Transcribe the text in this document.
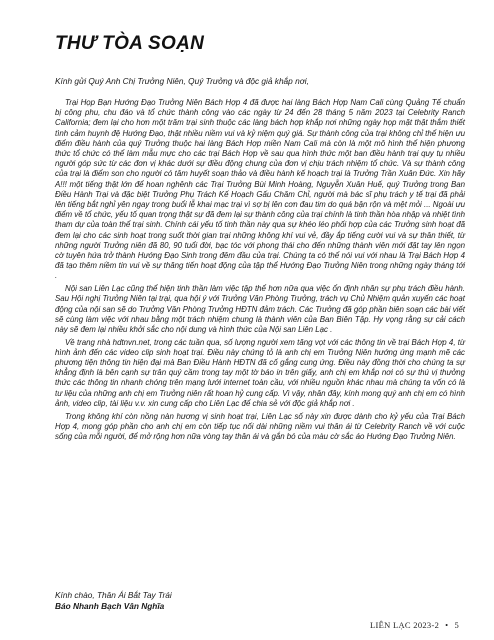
THƯ TÒA SOẠN

Kính gửi Quý Anh Chị Trưởng Niên, Quý Trưởng và độc giả khắp nơi,

Trại Họp Bạn Hướng Đạo Trưởng Niên Bách Hợp 4 đã được hai làng Bách Hợp Nam Cali cùng Quảng Tế chuẩn bị công phu, chu đáo và tổ chức thành công vào các ngày từ 24 đến 28 tháng 5 năm 2023 tại Celebrity Ranch California; đem lại cho hơn một trăm trại sinh thuộc các làng bách hợp khắp nơi những ngày họp mặt thật thắm thiết tình cảm huynh đệ Hướng Đạo, thật nhiều niềm vui và kỷ niệm quý giá. Sự thành công của trại không chỉ thể hiện ưu điểm điều hành của quý Trưởng thuộc hai làng Bách Hợp miền Nam Cali mà còn là một mô hình thể hiện phương thức tổ chức có thể làm mẫu mực cho các trại Bách Hợp về sau qua hình thức một ban điều hành trại quy tụ nhiều người góp sức từ các đơn vị khác dưới sự điều động chung của đơn vị chịu trách nhiệm tổ chức. Và sự thành công của trại là điểm son cho người có tâm huyết soạn thảo và điều hành kế hoạch trại là Trưởng Trần Xuân Đức. Xin hãy A!!! một tiếng thật lớn để hoan nghênh các Trại Trưởng Bùi Minh Hoàng, Nguyễn Xuân Huế, quý Trưởng trong Ban Điều Hành Trại và đặc biệt Trưởng Phụ Trách Kế Hoạch Gấu Chăm Chỉ, người mà bác sĩ phụ trách y tế trại đã phải lên tiếng bắt nghỉ yên ngay trong buổi lễ khai mạc trại vì sợ bị lên cơn đau tim do quá bận rộn và mệt mỏi ... Ngoài ưu điểm về tổ chức, yếu tố quan trọng thật sự đã đem lại sự thành công của trại chính là tinh thần hòa nhập và nhiệt tình tham dự của toàn thể trại sinh. Chính cái yếu tố tinh thần này qua sự khéo léo phối hợp của các Trưởng sinh hoạt đã đem lại cho các sinh hoạt trong suốt thời gian trại những không khí vui vẻ, đầy ắp tiếng cười vui và sự thân thiết, từ những người Trưởng niên đã 80, 90 tuổi đời, bạc tóc với phong thái cho đến những thành viên mới đặt tay lên ngọn cờ tuyên hứa trở thành Hướng Đạo Sinh trong đêm đầu của trại. Chúng ta có thể nói vui với nhau là Trại Bách Hợp 4 đã tạo thêm niềm tin vui về sự thăng tiến hoạt động của tập thể Hướng Đạo Trưởng Niên trong những ngày tháng tới .

Nội san Liên Lạc cũng thể hiện tinh thần làm việc tập thể hơn nữa qua việc ổn định nhân sự phụ trách điều hành. Sau Hội nghị Trưởng Niên tại trại, qua hội ý với Trưởng Văn Phòng Trưởng, trách vụ Chủ Nhiệm quản xuyến các hoạt động của nội san sẽ do Trưởng Văn Phòng Trưởng HĐTN đảm trách. Các Trưởng đã góp phần biên soạn các bài viết sẽ cùng làm việc với nhau bằng một trách nhiệm chung là thành viên của Ban Biên Tập. Hy vọng rằng sự cải cách này sẽ đem lại nhiều khởi sắc cho nội dung và hình thức của Nội san Liên Lạc .

Về trang nhà hdtnvn.net, trong các tuần qua, số lượng người xem tăng vọt với các thông tin về trại Bách Hợp 4, từ hình ảnh đến các video clip sinh hoạt trại. Điều này chứng tỏ là anh chị em Trưởng Niên hướng ứng mạnh mẽ các phương tiện thông tin hiện đại mà Ban Điều Hành HĐTN đã cố gắng cung ứng. Điều này đồng thời cho chúng ta sự khẳng định là bên cạnh sự trân quý cầm trong tay một tờ báo in trên giấy, anh chị em khắp nơi có sự thú vị thưởng thức các thông tin nhanh chóng trên mạng lưới internet toàn cầu, với nhiều nguồn khác nhau mà chúng ta vốn có là tư liệu của những anh chị em Trưởng niên rất hoan hỷ cung cấp. Vì vậy, nhân đây, kính mong quý anh chị em có hình ảnh, video clip, tài liệu v.v. xin cung cấp cho Liên Lạc để chia sẻ với độc giả khắp nơi .

Trong không khí còn nồng nàn hương vị sinh hoạt trại, Liên Lạc số này xin được dành cho kỷ yếu của Trại Bách Hợp 4, mong góp phần cho anh chị em còn tiếp tục nối dài những niềm vui thân ái từ Celebrity Ranch về với cuộc sống của mỗi người, để mở rộng hơn nữa vòng tay thân ái và gắn bó của màu cờ sắc áo Hướng Đạo Trưởng Niên.

Kính chào, Thân Ái Bắt Tay Trái
Báo Nhanh Bạch Vân Nghĩa
LIÊN LẠC 2023-2 • 5
